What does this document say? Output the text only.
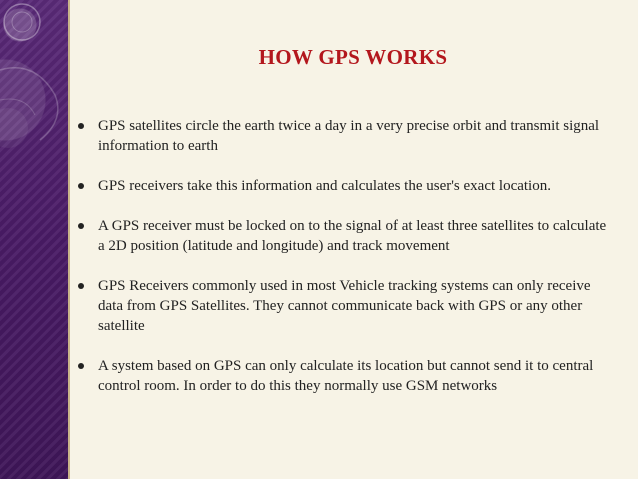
HOW GPS WORKS
GPS satellites circle the earth twice a day in a very precise orbit and transmit signal information to earth
GPS receivers take this information and calculates the user's exact location.
A GPS receiver must be locked on to the signal of at least three satellites to calculate a 2D position (latitude and longitude) and track movement
GPS Receivers commonly used in most Vehicle tracking systems can only receive data from GPS Satellites. They cannot communicate back with GPS or any other satellite
A system based on GPS can only calculate its location but cannot send it to central control room. In order to do this they normally use GSM networks
